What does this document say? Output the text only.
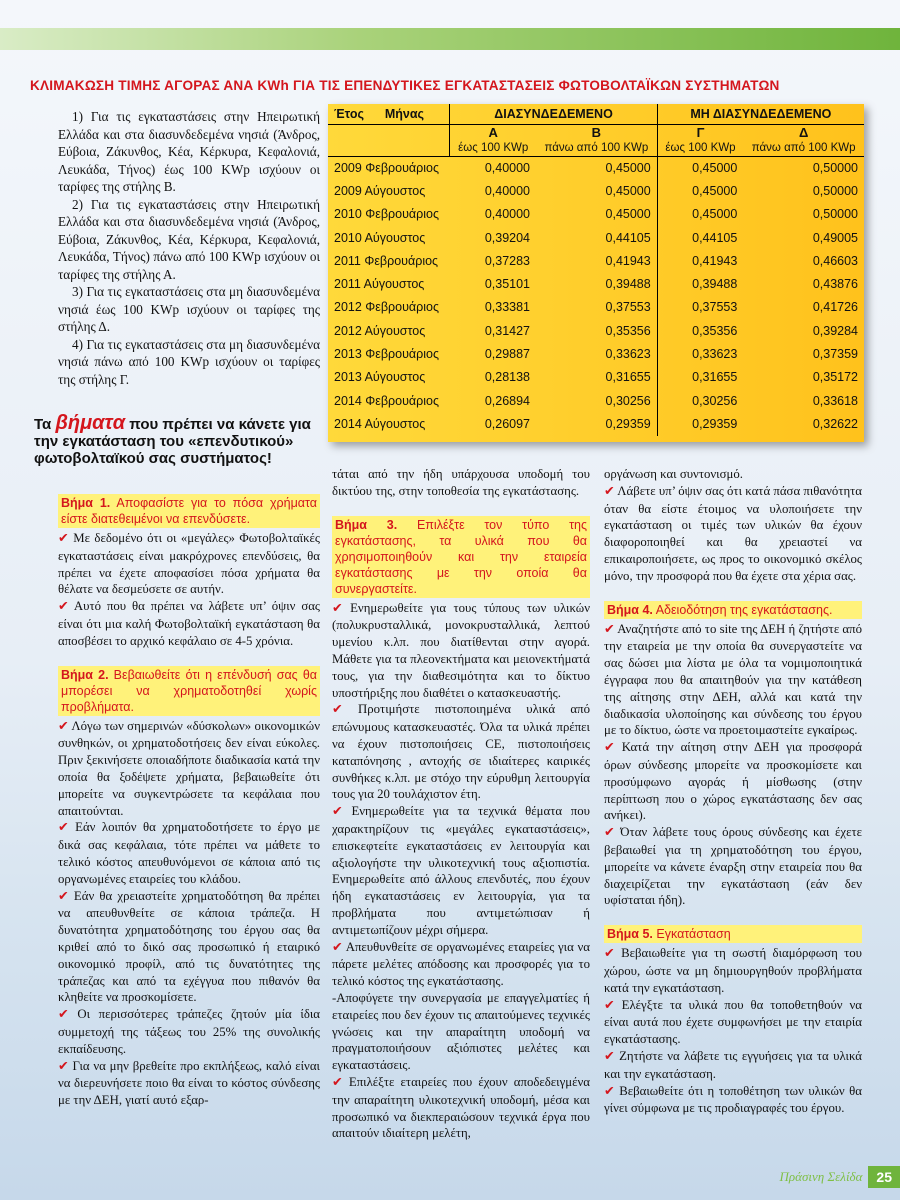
ΚΛΙΜΑΚΩΣΗ ΤΙΜΗΣ ΑΓΟΡΑΣ ΑΝΑ KWh ΓΙΑ ΤΙΣ ΕΠΕΝΔΥΤΙΚΕΣ ΕΓΚΑΤΑΣΤΑΣΕΙΣ ΦΩΤΟΒΟΛΤΑΪΚΩΝ ΣΥΣΤΗΜΑΤΩΝ

1) Για τις εγκαταστάσεις στην Ηπειρωτική Ελλάδα και στα διασυνδεδεμένα νησιά (Άνδρος, Εύβοια, Ζάκυνθος, Κέα, Κέρκυρα, Κεφαλονιά, Λευκάδα, Τήνος) έως 100 KWp ισχύουν οι ταρίφες της στήλης Β.

2) Για τις εγκαταστάσεις στην Ηπειρωτική Ελλάδα και στα διασυνδεδεμένα νησιά (Άνδρος, Εύβοια, Ζάκυνθος, Κέα, Κέρκυρα, Κεφαλονιά, Λευκάδα, Τήνος) πάνω από 100 KWp ισχύουν οι ταρίφες της στήλης Α.

3) Για τις εγκαταστάσεις στα μη διασυνδεμένα νησιά έως 100 KWp ισχύουν οι ταρίφες της στήλης Δ.

4) Για τις εγκαταστάσεις στα μη διασυνδεμένα νησιά πάνω από 100 KWp ισχύουν οι ταρίφες της στήλης Γ.

Έτος Μήνας	ΔΙΑΣΥΝΔΕΔΕΜΕΝΟ		ΜΗ ΔΙΑΣΥΝΔΕΔΕΜΕΝΟ	
	Α	Β	Γ	Δ
	έως 100 KWp	πάνω από 100 KWp	έως 100 KWp	πάνω από 100 KWp
2009 Φεβρουάριος	0,40000	0,45000	0,45000	0,50000
2009 Αύγουστος	0,40000	0,45000	0,45000	0,50000
2010 Φεβρουάριος	0,40000	0,45000	0,45000	0,50000
2010 Αύγουστος	0,39204	0,44105	0,44105	0,49005
2011 Φεβρουάριος	0,37283	0,41943	0,41943	0,46603
2011 Αύγουστος	0,35101	0,39488	0,39488	0,43876
2012 Φεβρουάριος	0,33381	0,37553	0,37553	0,41726
2012 Αύγουστος	0,31427	0,35356	0,35356	0,39284
2013 Φεβρουάριος	0,29887	0,33623	0,33623	0,37359
2013 Αύγουστος	0,28138	0,31655	0,31655	0,35172
2014 Φεβρουάριος	0,26894	0,30256	0,30256	0,33618
2014 Αύγουστος	0,26097	0,29359	0,29359	0,32622
Τα βήματα που πρέπει να κάνετε για την εγκατάσταση του «επενδυτικού» φωτοβολταϊκού σας συστήματος!
Βήμα 1. Αποφασίστε για το πόσα χρήματα είστε διατεθειμένοι να επενδύσετε.

✔ Με δεδομένο ότι οι «μεγάλες» Φωτοβολταϊκές εγκαταστάσεις είναι μακρόχρονες επενδύσεις, θα πρέπει να έχετε αποφασίσει πόσα χρήματα θα θέλατε να δεσμεύσετε σε αυτήν.

✔ Αυτό που θα πρέπει να λάβετε υπ’ όψιν σας είναι ότι μια καλή Φωτοβολταϊκή εγκατάσταση θα αποσβέσει το αρχικό κεφάλαιο σε 4-5 χρόνια.

Βήμα 2. Βεβαιωθείτε ότι η επένδυσή σας θα μπορέσει να χρηματοδοτηθεί χωρίς προβλήματα.

✔ Λόγω των σημερινών «δύσκολων» οικονομικών συνθηκών, οι χρηματοδοτήσεις δεν είναι εύκολες. Πριν ξεκινήσετε οποιαδήποτε διαδικασία κατά την οποία θα ξοδέψετε χρήματα, βεβαιωθείτε ότι μπορείτε να συγκεντρώσετε τα κεφάλαια που απαιτούνται.

✔ Εάν λοιπόν θα χρηματοδοτήσετε το έργο με δικά σας κεφάλαια, τότε πρέπει να μάθετε το τελικό κόστος απευθυνόμενοι σε κάποια από τις οργανωμένες εταιρείες του κλάδου.

✔ Εάν θα χρειαστείτε χρηματοδότηση θα πρέπει να απευθυνθείτε σε κάποια τράπεζα. Η δυνατότητα χρηματοδότησης του έργου σας θα κριθεί από το δικό σας προσωπικό ή εταιρικό οικονομικό προφίλ, από τις δυνατότητες της τράπεζας και από τα εχέγγυα που πιθανόν θα κληθείτε να προσκομίσετε.

✔ Οι περισσότερες τράπεζες ζητούν μία ίδια συμμετοχή της τάξεως του 25% της συνολικής εκπαίδευσης.

✔ Για να μην βρεθείτε προ εκπλήξεως, καλό είναι να διερευνήσετε ποιο θα είναι το κόστος σύνδεσης με την ΔΕΗ, γιατί αυτό εξαρ-

τάται από την ήδη υπάρχουσα υποδομή του δικτύου της, στην τοποθεσία της εγκατάστασης.

Βήμα 3. Επιλέξτε τον τύπο της εγκατάστασης, τα υλικά που θα χρησιμοποιηθούν και την εταιρεία εγκατάστασης με την οποία θα συνεργαστείτε.

✔ Ενημερωθείτε για τους τύπους των υλικών (πολυκρυσταλλικά, μονοκρυσταλλικά, λεπτού υμενίου κ.λπ. που διατίθενται στην αγορά. Μάθετε για τα πλεονεκτήματα και μειονεκτήματά τους, για την διαθεσιμότητα και το δίκτυο υποστήριξης που διαθέτει ο κατασκευαστής.

✔ Προτιμήστε πιστοποιημένα υλικά από επώνυμους κατασκευαστές. Όλα τα υλικά πρέπει να έχουν πιστοποιήσεις CE, πιστοποιήσεις καταπόνησης , αντοχής σε ιδιαίτερες καιρικές συνθήκες κ.λπ. με στόχο την εύρυθμη λειτουργία τους για 20 τουλάχιστον έτη.

✔ Ενημερωθείτε για τα τεχνικά θέματα που χαρακτηρίζουν τις «μεγάλες εγκαταστάσεις», επισκεφτείτε εγκαταστάσεις εν λειτουργία και αξιολογήστε την υλικοτεχνική τους αξιοπιστία. Ενημερωθείτε από άλλους επενδυτές, που έχουν ήδη εγκαταστάσεις εν λειτουργία, για τα προβλήματα που αντιμετώπισαν ή αντιμετωπίζουν μέχρι σήμερα.

✔ Απευθυνθείτε σε οργανωμένες εταιρείες για να πάρετε μελέτες απόδοσης και προσφορές για το τελικό κόστος της εγκατάστασης.

-Αποφύγετε την συνεργασία με επαγγελματίες ή εταιρείες που δεν έχουν τις απαιτούμενες τεχνικές γνώσεις και την απαραίτητη υποδομή να πραγματοποιήσουν αξιόπιστες μελέτες και εγκαταστάσεις.

✔ Επιλέξτε εταιρείες που έχουν αποδεδειγμένα την απαραίτητη υλικοτεχνική υποδομή, μέσα και προσωπικό να διεκπεραιώσουν τεχνικά έργα που απαιτούν ιδιαίτερη μελέτη,

οργάνωση και συντονισμό.

✔ Λάβετε υπ’ όψιν σας ότι κατά πάσα πιθανότητα όταν θα είστε έτοιμος να υλοποιήσετε την εγκατάσταση οι τιμές των υλικών θα έχουν διαφοροποιηθεί και θα χρειαστεί να επικαιροποιήσετε, ως προς το οικονομικό σκέλος μόνο, την προσφορά που θα έχετε στα χέρια σας.

Βήμα 4. Αδειοδότηση της εγκατάστασης.

✔ Αναζητήστε από το site της ΔΕΗ ή ζητήστε από την εταιρεία με την οποία θα συνεργαστείτε να σας δώσει μια λίστα με όλα τα νομιμοποιητικά έγγραφα που θα απαιτηθούν για την κατάθεση της αίτησης στην ΔΕΗ, αλλά και κατά την διαδικασία υλοποίησης και σύνδεσης του έργου με το δίκτυο, ώστε να προετοιμαστείτε εγκαίρως.

✔ Κατά την αίτηση στην ΔΕΗ για προσφορά όρων σύνδεσης μπορείτε να προσκομίσετε και προσύμφωνο αγοράς ή μίσθωσης (στην περίπτωση που ο χώρος εγκατάστασης δεν σας ανήκει).

✔ Όταν λάβετε τους όρους σύνδεσης και έχετε βεβαιωθεί για τη χρηματοδότηση του έργου, μπορείτε να κάνετε έναρξη στην εταιρεία που θα διαχειρίζεται την εγκατάσταση (εάν δεν υφίσταται ήδη).

Βήμα 5. Εγκατάσταση

✔ Βεβαιωθείτε για τη σωστή διαμόρφωση του χώρου, ώστε να μη δημιουργηθούν προβλήματα κατά την εγκατάσταση.

✔ Ελέγξτε τα υλικά που θα τοποθετηθούν να είναι αυτά που έχετε συμφωνήσει με την εταιρία εγκατάστασης.

✔ Ζητήστε να λάβετε τις εγγυήσεις για τα υλικά και την εγκατάσταση.

✔ Βεβαιωθείτε ότι η τοποθέτηση των υλικών θα γίνει σύμφωνα με τις προδιαγραφές του έργου.

Πράσινη Σελίδα	25
